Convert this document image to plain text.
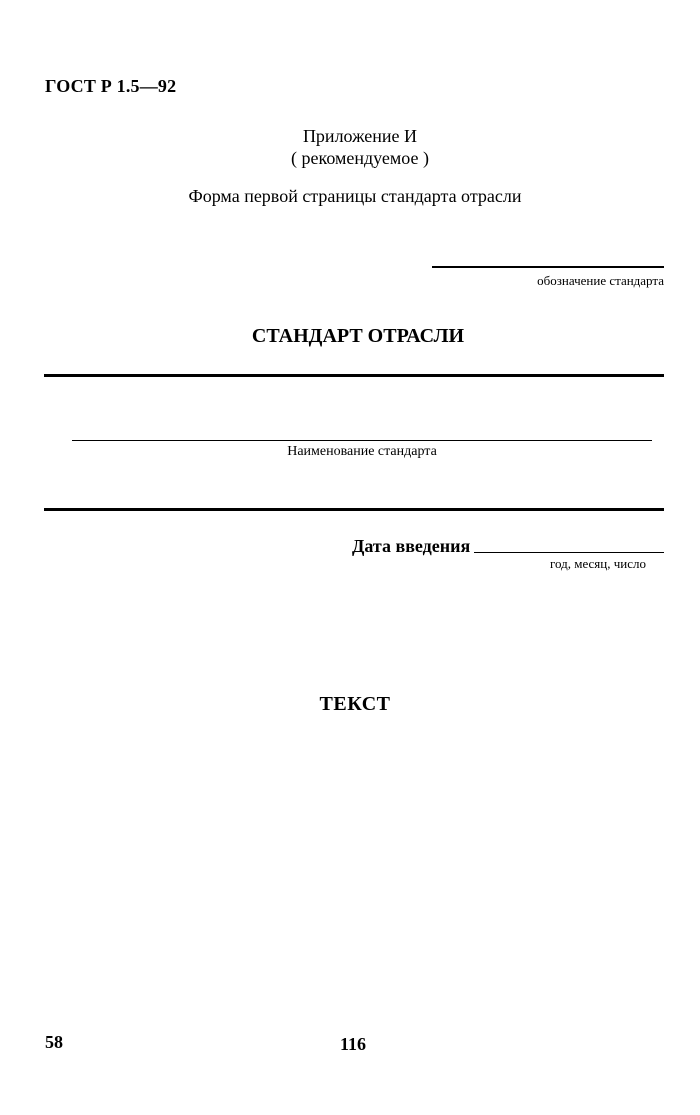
ГОСТ Р 1.5—92
Приложение И
( рекомендуемое )
Форма первой страницы стандарта отрасли
обозначение стандарта
СТАНДАРТ ОТРАСЛИ
Наименование стандарта
Дата введения
год, месяц, число
ТЕКСТ
58	116
